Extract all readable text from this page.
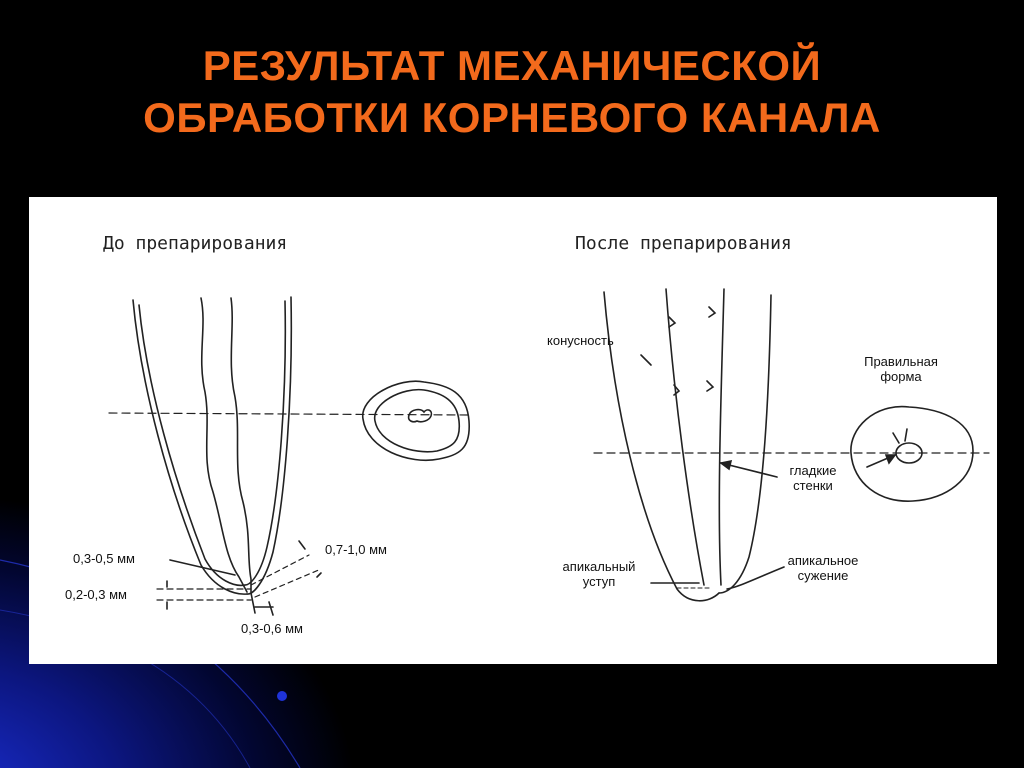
РЕЗУЛЬТАТ МЕХАНИЧЕСКОЙ
ОБРАБОТКИ КОРНЕВОГО КАНАЛА
До препарирования	После препарирования
0,3-0,5 мм
0,7-1,0 мм
0,2-0,3 мм
0,3-0,6 мм
конусность
Правильная
форма
гладкие
стенки
апикальный
уступ
апикальное
сужение
